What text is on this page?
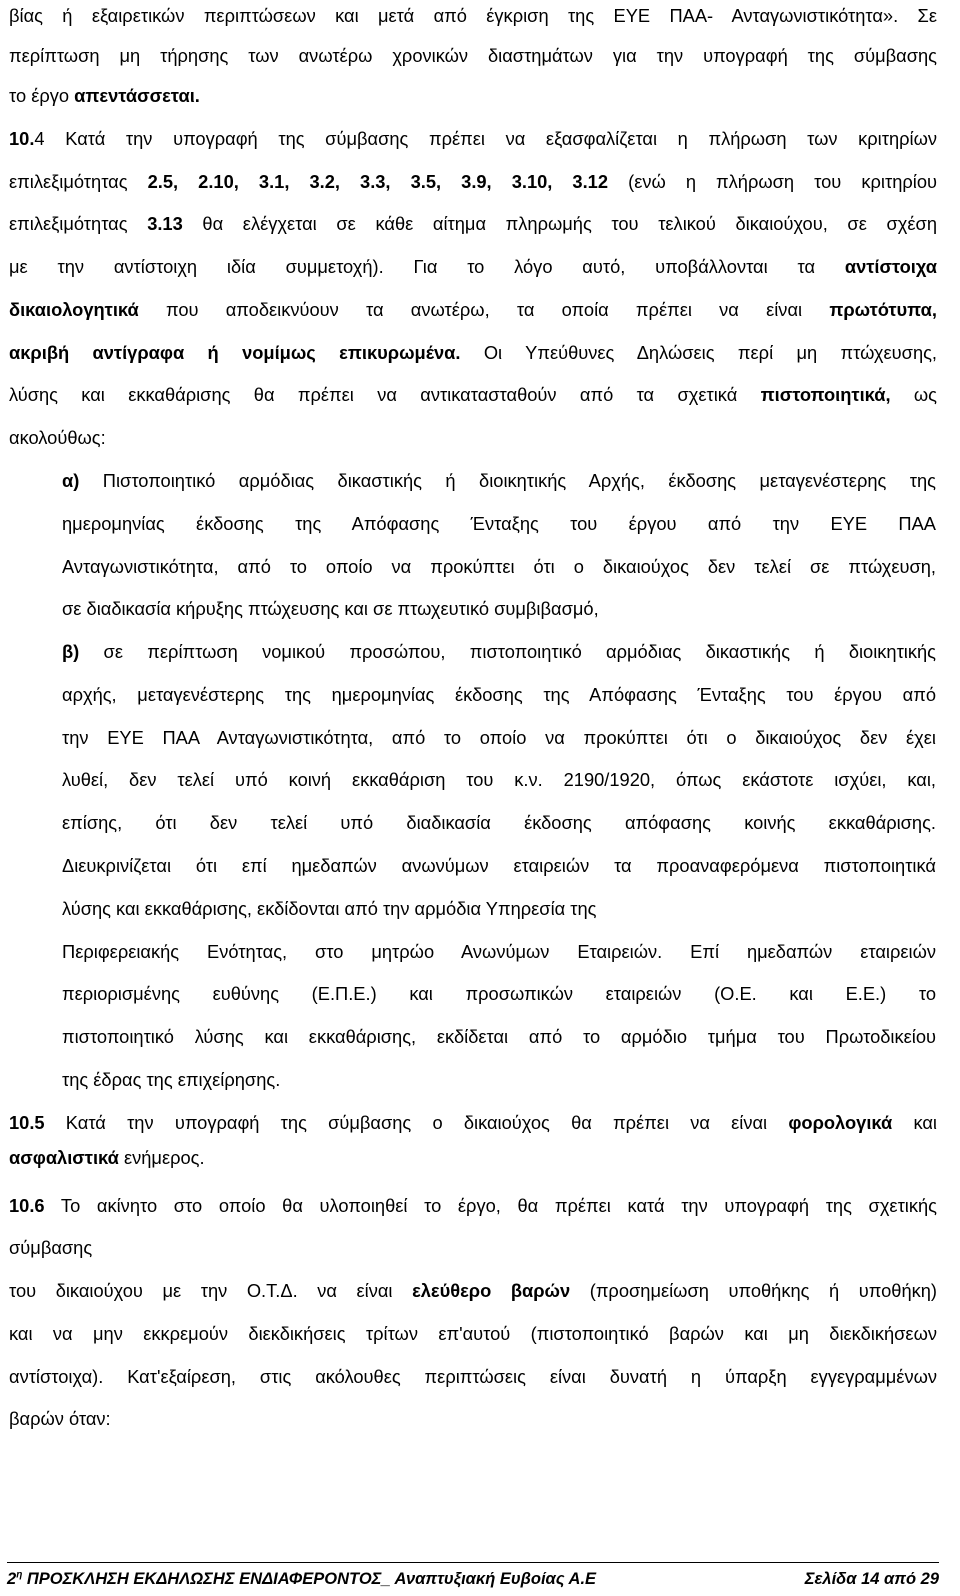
βίας ή εξαιρετικών περιπτώσεων και μετά από έγκριση της ΕΥΕ ΠΑΑ- Ανταγωνιστικότητα». Σε
περίπτωση μη τήρησης των ανωτέρω χρονικών διαστημάτων για την υπογραφή της σύμβασης
το έργο απεντάσσεται.
10.4 Κατά την υπογραφή της σύμβασης πρέπει να εξασφαλίζεται η πλήρωση των κριτηρίων
επιλεξιμότητας 2.5, 2.10, 3.1, 3.2, 3.3, 3.5, 3.9, 3.10, 3.12 (ενώ η πλήρωση του κριτηρίου
επιλεξιμότητας 3.13 θα ελέγχεται σε κάθε αίτημα πληρωμής του τελικού δικαιούχου, σε σχέση
με την αντίστοιχη ιδία συμμετοχή). Για το λόγο αυτό, υποβάλλονται τα αντίστοιχα
δικαιολογητικά που αποδεικνύουν τα ανωτέρω, τα οποία πρέπει να είναι πρωτότυπα,
ακριβή αντίγραφα ή νομίμως επικυρωμένα. Οι Υπεύθυνες Δηλώσεις περί μη πτώχευσης,
λύσης και εκκαθάρισης θα πρέπει να αντικατασταθούν από τα σχετικά πιστοποιητικά, ως
ακολούθως:
α) Πιστοποιητικό αρμόδιας δικαστικής ή διοικητικής Αρχής, έκδοσης μεταγενέστερης της
ημερομηνίας έκδοσης της Απόφασης Ένταξης του έργου από την ΕΥΕ ΠΑΑ
Ανταγωνιστικότητα, από το οποίο να προκύπτει ότι ο δικαιούχος δεν τελεί σε πτώχευση,
σε διαδικασία κήρυξης πτώχευσης και σε πτωχευτικό συμβιβασμό,
β) σε περίπτωση νομικού προσώπου, πιστοποιητικό αρμόδιας δικαστικής ή διοικητικής
αρχής, μεταγενέστερης της ημερομηνίας έκδοσης της Απόφασης Ένταξης του έργου από
την ΕΥΕ ΠΑΑ Ανταγωνιστικότητα, από το οποίο να προκύπτει ότι ο δικαιούχος δεν έχει
λυθεί, δεν τελεί υπό κοινή εκκαθάριση του κ.ν. 2190/1920, όπως εκάστοτε ισχύει, και,
επίσης, ότι δεν τελεί υπό διαδικασία έκδοσης απόφασης κοινής εκκαθάρισης.
Διευκρινίζεται ότι επί ημεδαπών ανωνύμων εταιρειών τα προαναφερόμενα πιστοποιητικά
λύσης και εκκαθάρισης, εκδίδονται από την αρμόδια Υπηρεσία της
Περιφερειακής Ενότητας, στο μητρώο Ανωνύμων Εταιρειών. Επί ημεδαπών εταιρειών
περιορισμένης ευθύνης (Ε.Π.Ε.) και προσωπικών εταιρειών (Ο.Ε. και Ε.Ε.) το
πιστοποιητικό λύσης και εκκαθάρισης, εκδίδεται από το αρμόδιο τμήμα του Πρωτοδικείου
της έδρας της επιχείρησης.
10.5 Κατά την υπογραφή της σύμβασης ο δικαιούχος θα πρέπει να είναι φορολογικά και
ασφαλιστικά ενήμερος.
10.6 Το ακίνητο στο οποίο θα υλοποιηθεί το έργο, θα πρέπει κατά την υπογραφή της σχετικής
σύμβασης
του δικαιούχου με την Ο.Τ.Δ. να είναι ελεύθερο βαρών (προσημείωση υποθήκης ή υποθήκη)
και να μην εκκρεμούν διεκδικήσεις τρίτων επ'αυτού (πιστοποιητικό βαρών και μη διεκδικήσεων
αντίστοιχα). Κατ'εξαίρεση, στις ακόλουθες περιπτώσεις είναι δυνατή η ύπαρξη εγγεγραμμένων
βαρών όταν:
$2^\eta$ ΠΡΟΣΚΛΗΣΗ ΕΚΔΗΛΩΣΗΣ ΕΝΔΙΑΦΕΡΟΝΤΟΣ_ Αναπτυξιακή Ευβοίας Α.Ε	Σελίδα 14 από 29
